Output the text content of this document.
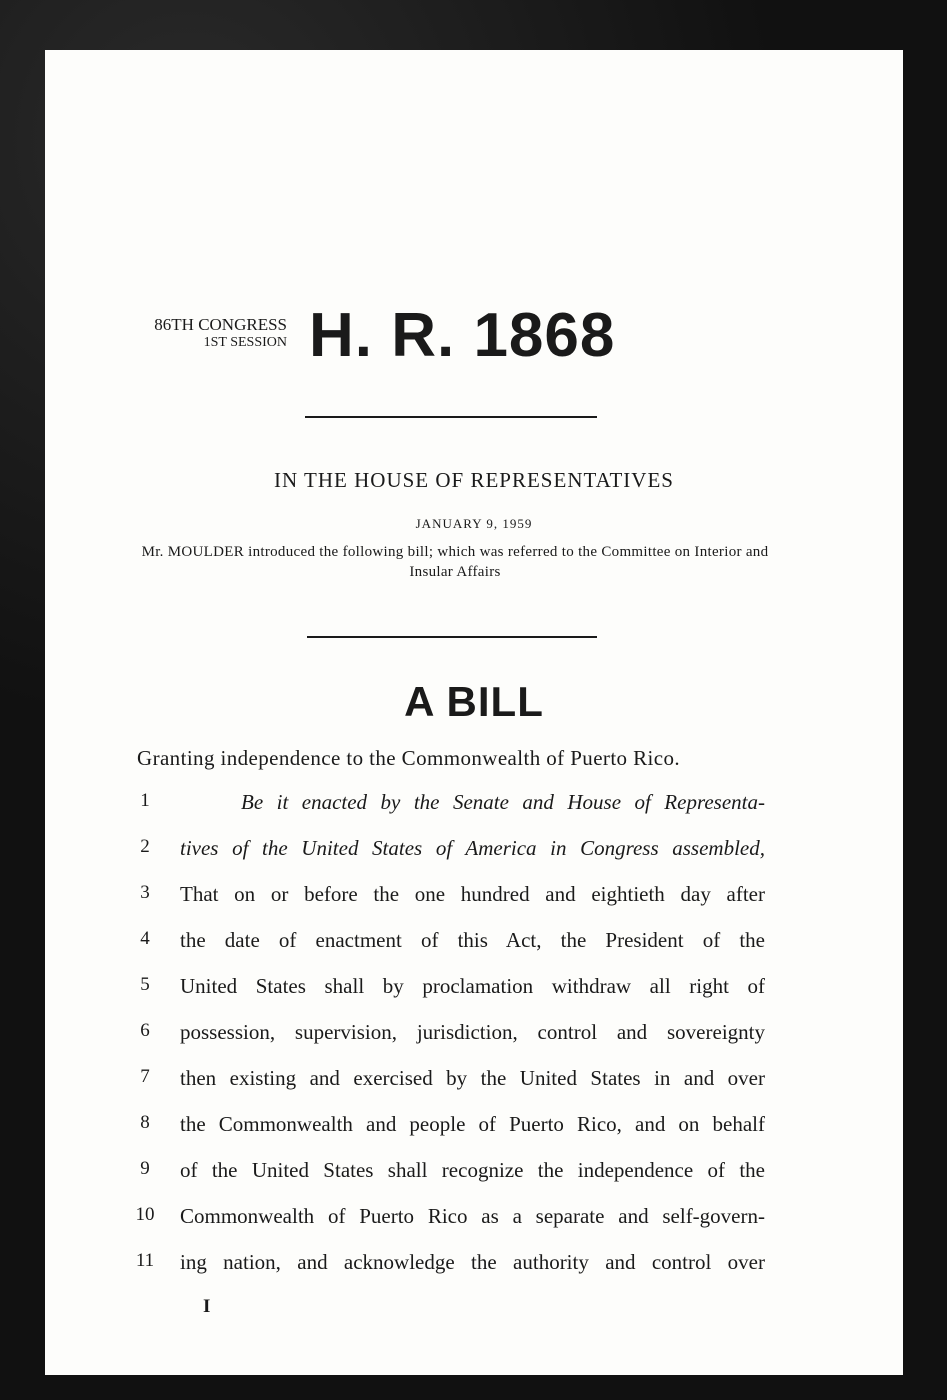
86TH CONGRESS
1ST SESSION H. R. 1868
IN THE HOUSE OF REPRESENTATIVES
JANUARY 9, 1959
Mr. MOULDER introduced the following bill; which was referred to the Committee on Interior and Insular Affairs
A BILL
Granting independence to the Commonwealth of Puerto Rico.
1	Be it enacted by the Senate and House of Representa-
2	tives of the United States of America in Congress assembled,
3	That on or before the one hundred and eightieth day after
4	the date of enactment of this Act, the President of the
5	United States shall by proclamation withdraw all right of
6	possession, supervision, jurisdiction, control and sovereignty
7	then existing and exercised by the United States in and over
8	the Commonwealth and people of Puerto Rico, and on behalf
9	of the United States shall recognize the independence of the
10	Commonwealth of Puerto Rico as a separate and self-govern-
11	ing nation, and acknowledge the authority and control over
I
